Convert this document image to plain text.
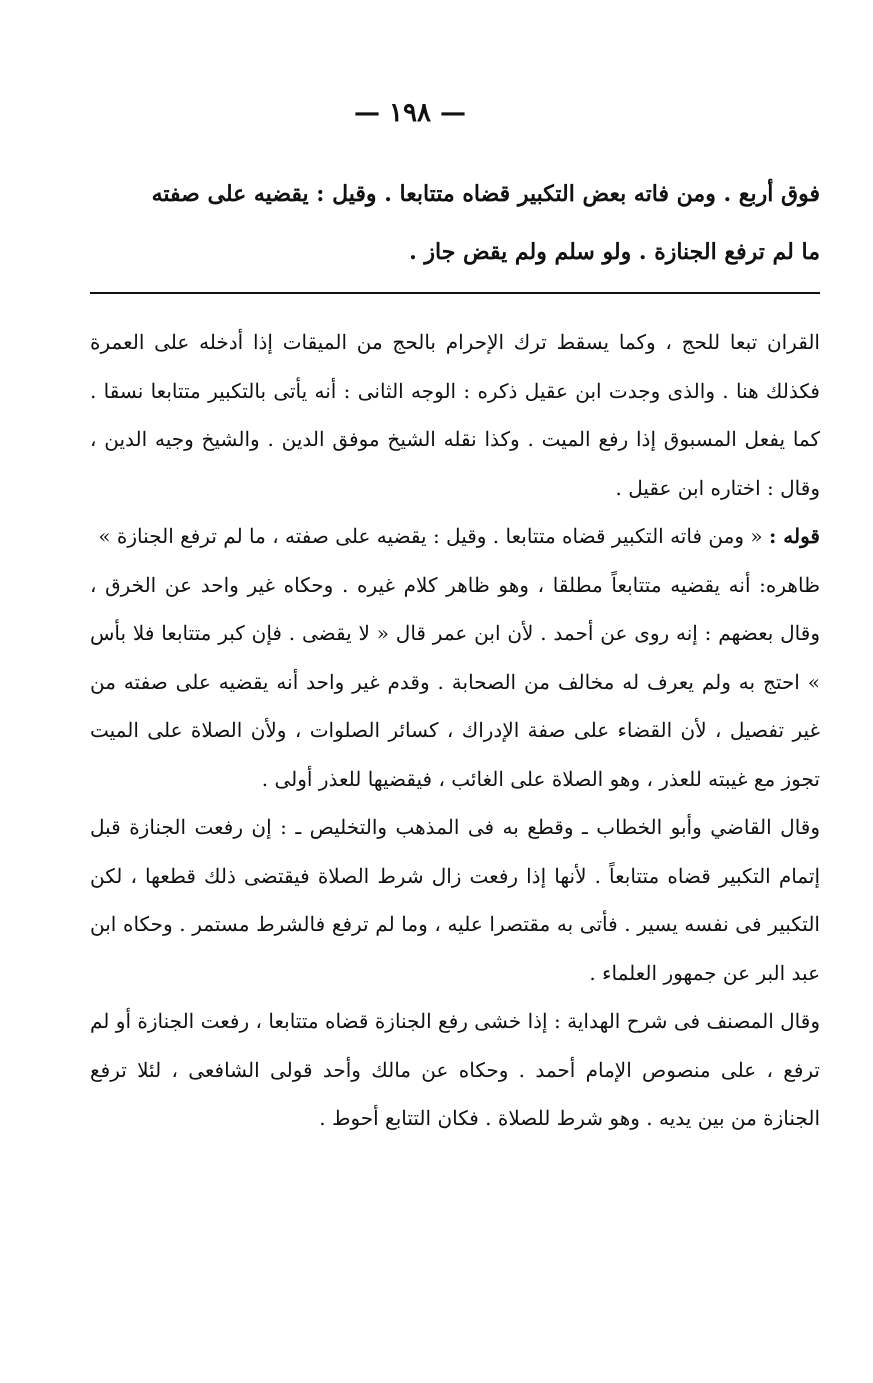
— ١٩٨ —

فوق أربع . ومن فاته بعض التكبير قضاه متتابعا . وقيل : يقضيه على صفته

ما لم ترفع الجنازة . ولو سلم ولم يقض جاز .

القران تبعا للحج ، وكما يسقط ترك الإحرام بالحج من الميقات إذا أدخله على العمرة فكذلك هنا . والذى وجدت ابن عقيل ذكره : الوجه الثانى : أنه يأتى بالتكبير متتابعا نسقا . كما يفعل المسبوق إذا رفع الميت . وكذا نقله الشيخ موفق الدين . والشيخ وجيه الدين ، وقال : اختاره ابن عقيل .

قوله : « ومن فاته التكبير قضاه متتابعا . وقيل : يقضيه على صفته ، ما لم ترفع الجنازة »

ظاهره: أنه يقضيه متتابعاً مطلقا ، وهو ظاهر كلام غيره . وحكاه غير واحد عن الخرق ، وقال بعضهم : إنه روى عن أحمد . لأن ابن عمر قال « لا يقضى . فإن كبر متتابعا فلا بأس » احتج به ولم يعرف له مخالف من الصحابة . وقدم غير واحد أنه يقضيه على صفته من غير تفصيل ، لأن القضاء على صفة الإدراك ، كسائر الصلوات ، ولأن الصلاة على الميت تجوز مع غيبته للعذر ، وهو الصلاة على الغائب ، فيقضيها للعذر أولى .

وقال القاضي وأبو الخطاب ـ وقطع به فى المذهب والتخليص ـ : إن رفعت الجنازة قبل إتمام التكبير قضاه متتابعاً . لأنها إذا رفعت زال شرط الصلاة فيقتضى ذلك قطعها ، لكن التكبير فى نفسه يسير . فأتى به مقتصرا عليه ، وما لم ترفع فالشرط مستمر . وحكاه ابن عبد البر عن جمهور العلماء .

وقال المصنف فى شرح الهداية : إذا خشى رفع الجنازة قضاه متتابعا ، رفعت الجنازة أو لم ترفع ، على منصوص الإمام أحمد . وحكاه عن مالك وأحد قولى الشافعى ، لئلا ترفع الجنازة من بين يديه . وهو شرط للصلاة . فكان التتابع أحوط .
